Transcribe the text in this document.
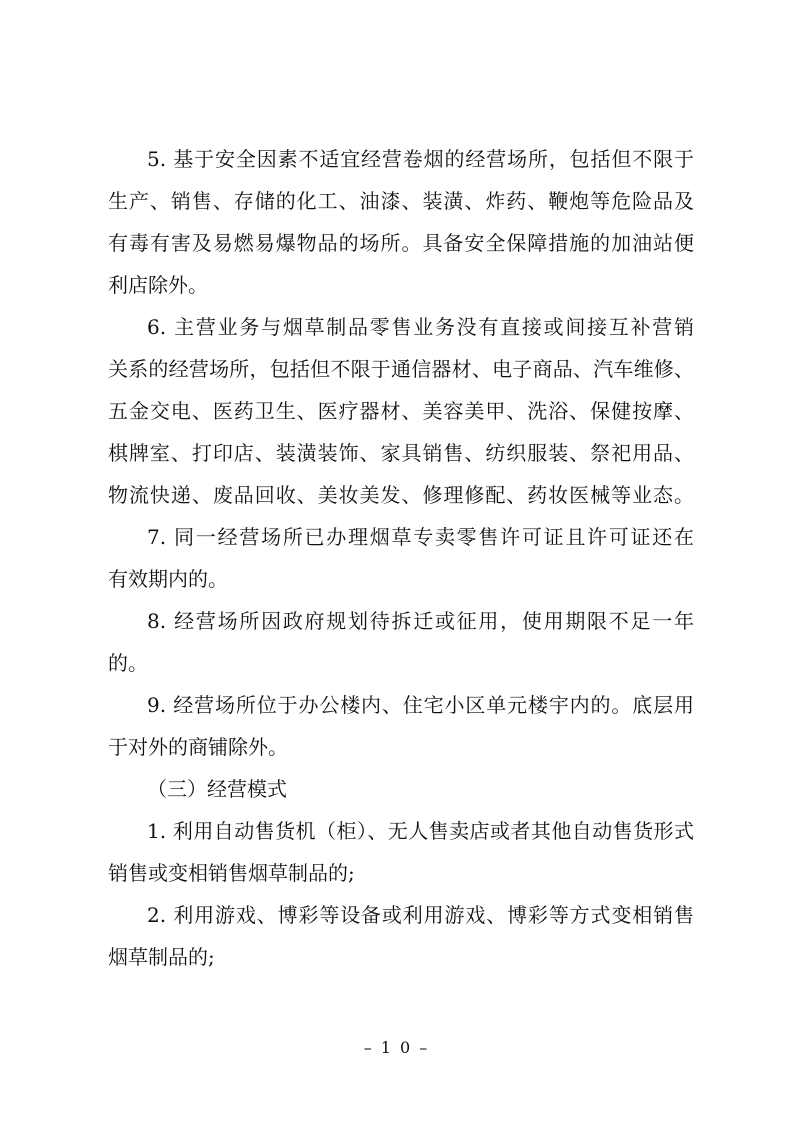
5. 基于安全因素不适宜经营卷烟的经营场所，包括但不限于
生产、销售、存储的化工、油漆、装潢、炸药、鞭炮等危险品及
有毒有害及易燃易爆物品的场所。具备安全保障措施的加油站便
利店除外。
6. 主营业务与烟草制品零售业务没有直接或间接互补营销
关系的经营场所，包括但不限于通信器材、电子商品、汽车维修、
五金交电、医药卫生、医疗器材、美容美甲、洗浴、保健按摩、
棋牌室、打印店、装潢装饰、家具销售、纺织服装、祭祀用品、
物流快递、废品回收、美妆美发、修理修配、药妆医械等业态。
7. 同一经营场所已办理烟草专卖零售许可证且许可证还在
有效期内的。
8. 经营场所因政府规划待拆迁或征用，使用期限不足一年
的。
9. 经营场所位于办公楼内、住宅小区单元楼宇内的。底层用
于对外的商铺除外。
（三）经营模式
1. 利用自动售货机（柜）、无人售卖店或者其他自动售货形式
销售或变相销售烟草制品的;
2. 利用游戏、博彩等设备或利用游戏、博彩等方式变相销售
烟草制品的;
– 1 0 –
